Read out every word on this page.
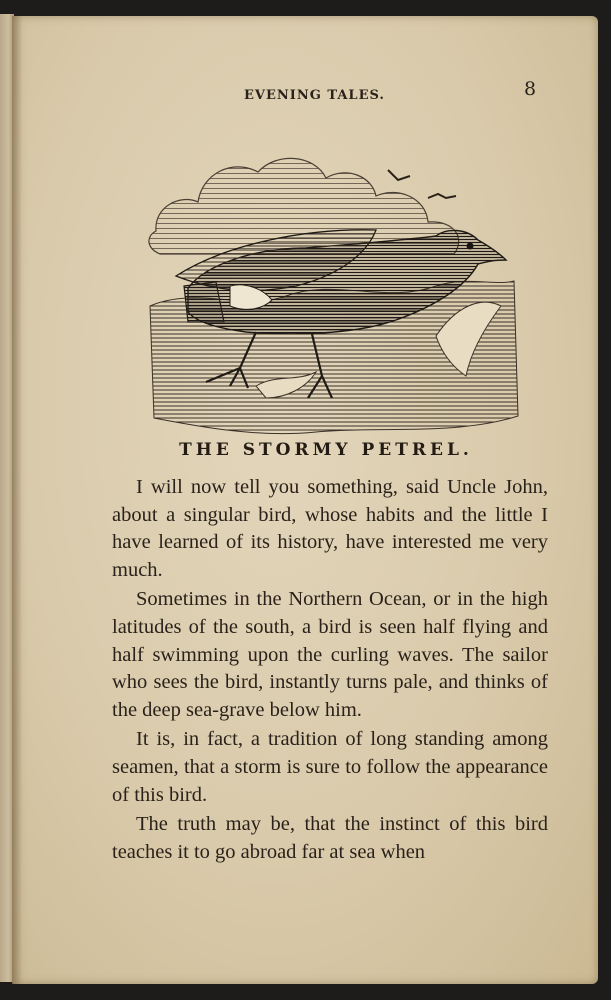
EVENING TALES.	8
THE STORMY PETREL.

I will now tell you something, said Uncle John, about a singular bird, whose habits and the little I have learned of its history, have interested me very much.

Sometimes in the Northern Ocean, or in the high latitudes of the south, a bird is seen half flying and half swimming upon the curling waves. The sailor who sees the bird, instantly turns pale, and thinks of the deep sea-grave below him.

It is, in fact, a tradition of long standing among seamen, that a storm is sure to follow the appearance of this bird.

The truth may be, that the instinct of this bird teaches it to go abroad far at sea when
